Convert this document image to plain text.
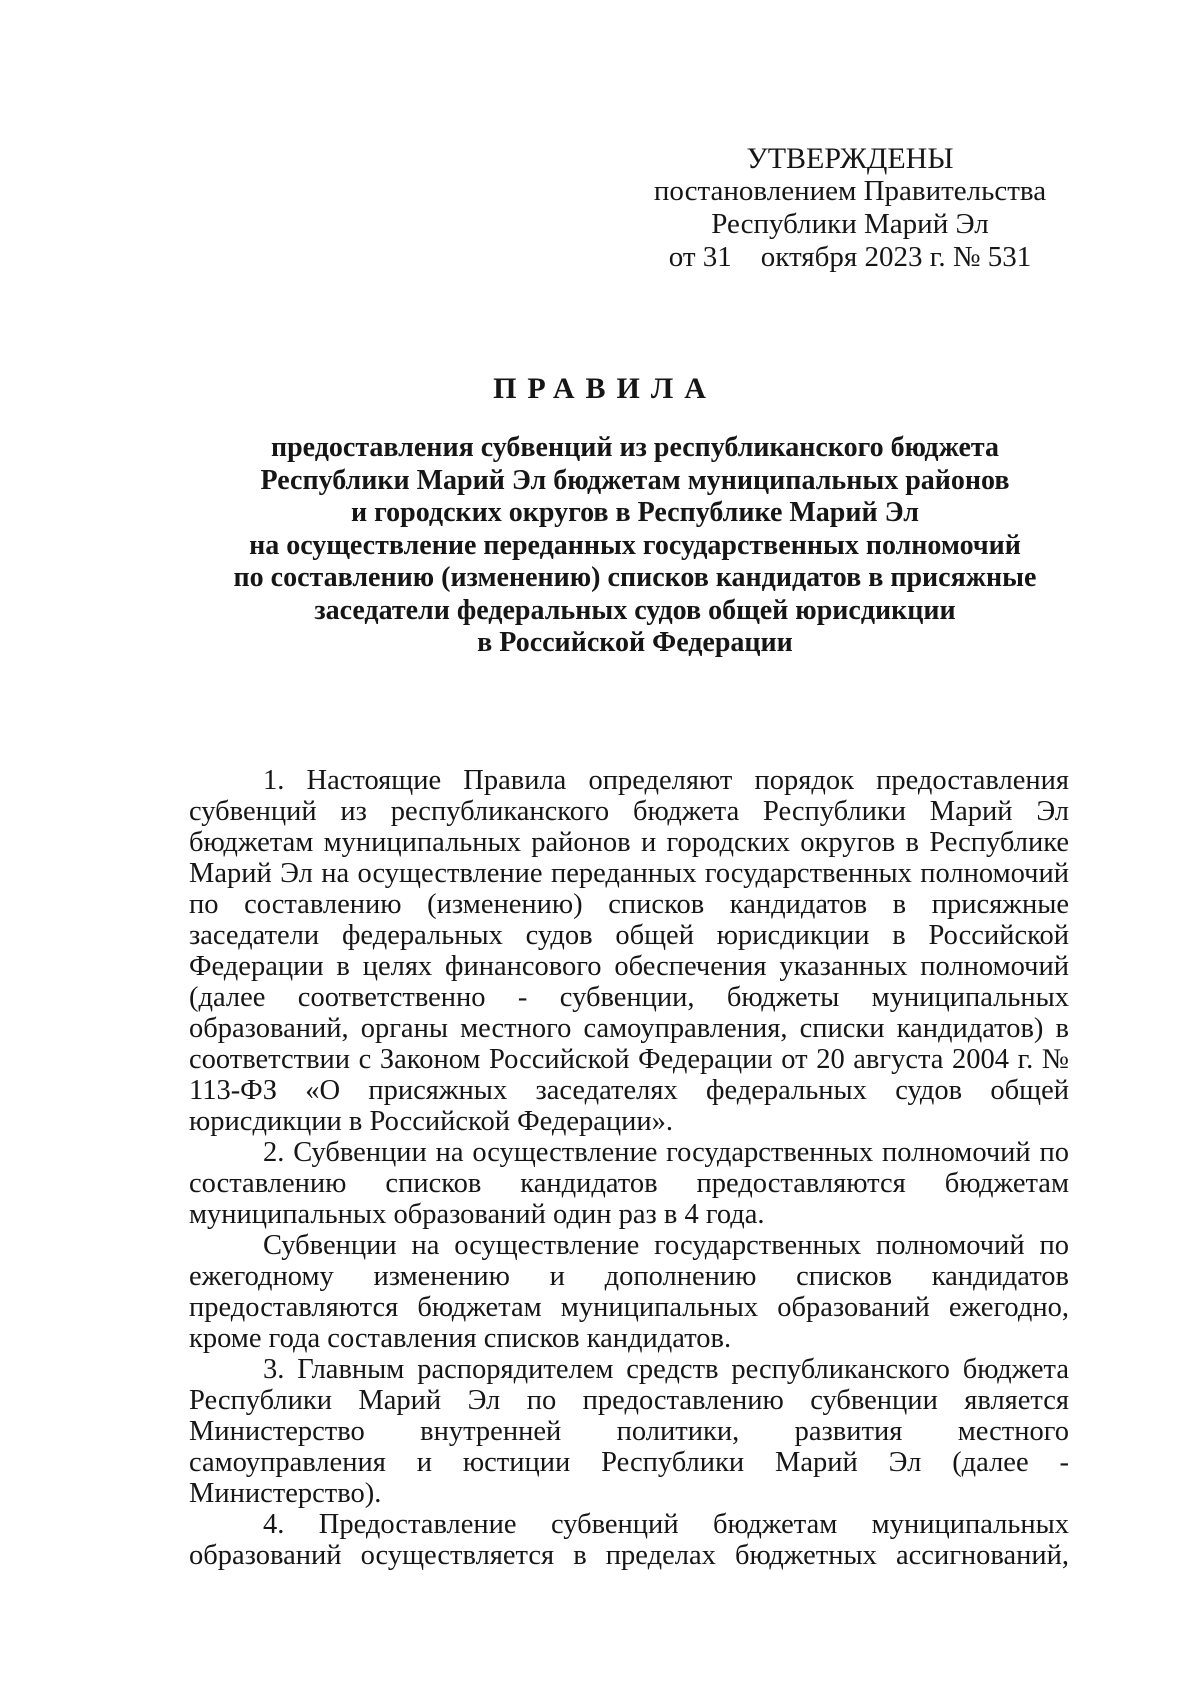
УТВЕРЖДЕНЫ
постановлением Правительства
Республики Марий Эл
от 31    октября 2023 г. № 531
ПРАВИЛА
предоставления субвенций из республиканского бюджета
Республики Марий Эл бюджетам муниципальных районов
и городских округов в Республике Марий Эл
на осуществление переданных государственных полномочий
по составлению (изменению) списков кандидатов в присяжные
заседатели федеральных судов общей юрисдикции
в Российской Федерации

1. Настоящие Правила определяют порядок предоставления субвенций из республиканского бюджета Республики Марий Эл бюджетам муниципальных районов и городских округов в Республике Марий Эл на осуществление переданных государственных полномочий по составлению (изменению) списков кандидатов в присяжные заседатели федеральных судов общей юрисдикции в Российской Федерации в целях финансового обеспечения указанных полномочий (далее соответственно - субвенции, бюджеты муниципальных образований, органы местного самоуправления, списки кандидатов) в соответствии с Законом Российской Федерации от 20 августа 2004 г. № 113-ФЗ «О присяжных заседателях федеральных судов общей юрисдикции в Российской Федерации».

2. Субвенции на осуществление государственных полномочий по составлению списков кандидатов предоставляются бюджетам муниципальных образований один раз в 4 года.

Субвенции на осуществление государственных полномочий по ежегодному изменению и дополнению списков кандидатов предоставляются бюджетам муниципальных образований ежегодно, кроме года составления списков кандидатов.

3. Главным распорядителем средств республиканского бюджета Республики Марий Эл по предоставлению субвенции является Министерство внутренней политики, развития местного самоуправления и юстиции Республики Марий Эл (далее - Министерство).

4. Предоставление субвенций бюджетам муниципальных образований осуществляется в пределах бюджетных ассигнований,
